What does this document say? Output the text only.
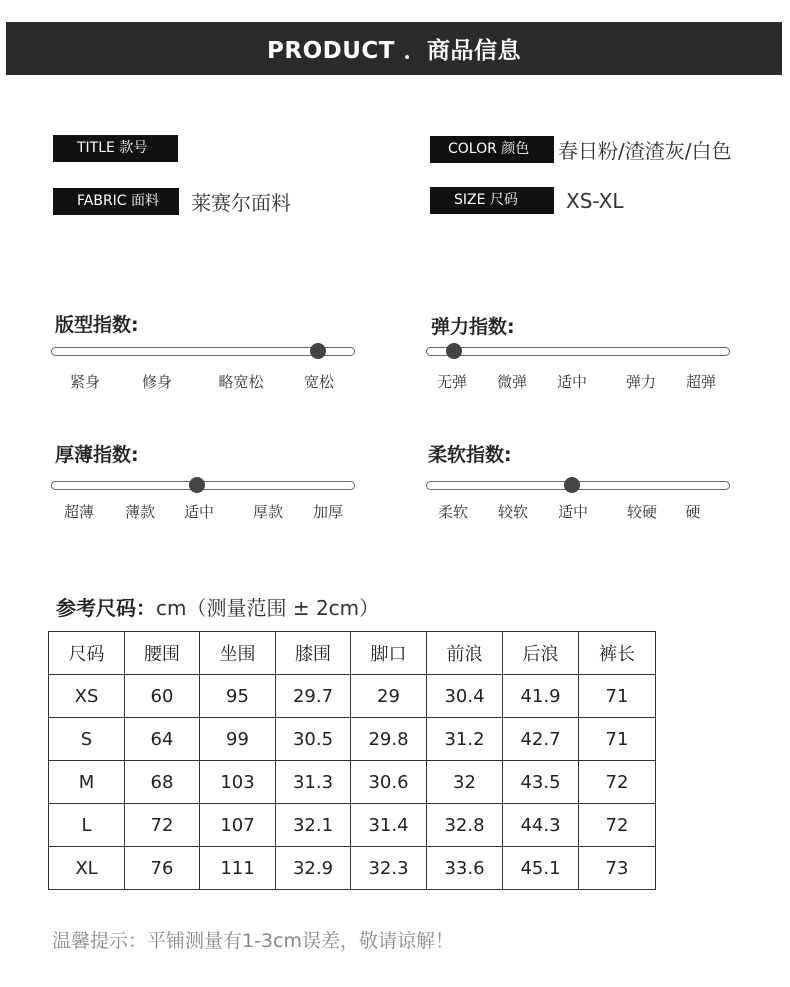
PRODUCT ．商品信息
TITLE 款号	COLOR 颜色	春日粉/渣渣灰/白色
FABRIC 面料	莱赛尔面料	SIZE 尺码	XS-XL
版型指数:
紧身	修身	略宽松	宽松
弹力指数:
无弹 微弹 适中	弹力 超弹
厚薄指数:
超薄 薄款 适中	厚款 加厚
柔软指数:
柔软 较软 适中	较硬 硬
参考尺码：cm（测量范围 ± 2cm）
尺码	腰围	坐围	膝围	脚口	前浪	后浪	裤长
XS	60	95	29.7	29	30.4	41.9	71
S	64	99	30.5	29.8	31.2	42.7	71
M	68	103	31.3	30.6	32	43.5	72
L	72	107	32.1	31.4	32.8	44.3	72
XL	76	111	32.9	32.3	33.6	45.1	73
温馨提示：平铺测量有1-3cm误差，敬请谅解！
